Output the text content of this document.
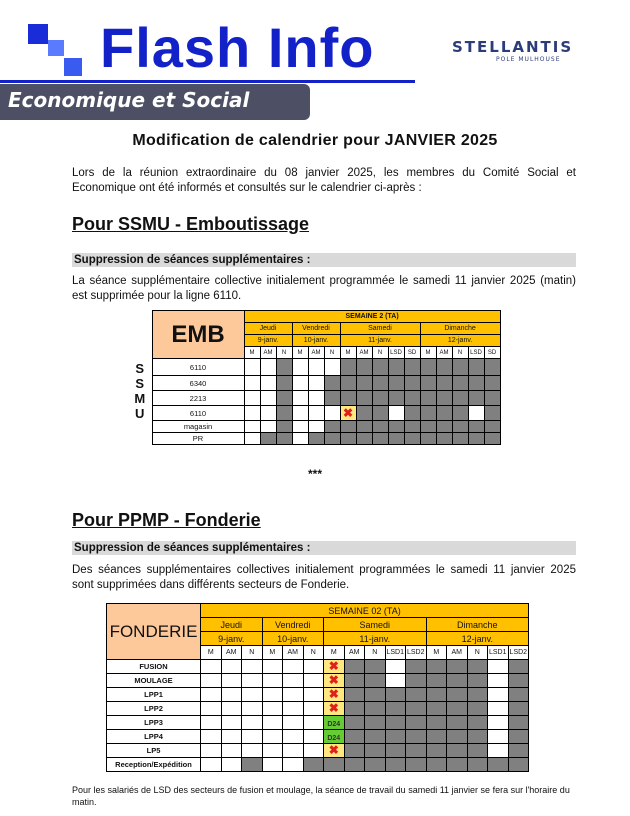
Flash Info
Economique et Social
STELLANTIS
POLE MULHOUSE
Modification de calendrier pour JANVIER 2025
Lors de la réunion extraordinaire du 08 janvier 2025, les membres du Comité Social et Economique ont été informés et consultés sur le calendrier ci-après :
Pour SSMU - Emboutissage
Suppression de séances supplémentaires :
La séance supplémentaire collective initialement programmée le samedi 11 janvier 2025 (matin) est supprimée pour la ligne 6110.
	EMB	SEMAINE 2 (TA)															
		Jeudi			Vendredi			Samedi					Dimanche				
		9-janv.			10-janv.			11-janv.					12-janv.				
		M	AM	N	M	AM	N	M	AM	N	LSD	SD	M	AM	N	LSD	SD
S	6110																
S	6340																
M	2213																
U	6110							✖									
	magasin																
	PR																
***
Pour PPMP - Fonderie
Suppression de séances supplémentaires :
Des séances supplémentaires collectives initialement programmées le samedi 11 janvier 2025 sont supprimées dans différents secteurs de Fonderie.
FONDERIE	SEMAINE 02 (TA)															
	Jeudi			Vendredi			Samedi					Dimanche				
	9-janv.			10-janv.			11-janv.					12-janv.				
	M	AM	N	M	AM	N	M	AM	N	LSD1	LSD2	M	AM	N	LSD1	LSD2
FUSION							✖									
MOULAGE							✖									
LPP1							✖									
LPP2							✖									
LPP3							D24									
LPP4							D24									
LP5							✖									
Reception/Expédition																
Pour les salariés de LSD des secteurs de fusion et moulage, la séance de travail du samedi 11 janvier se fera sur l'horaire du matin.
